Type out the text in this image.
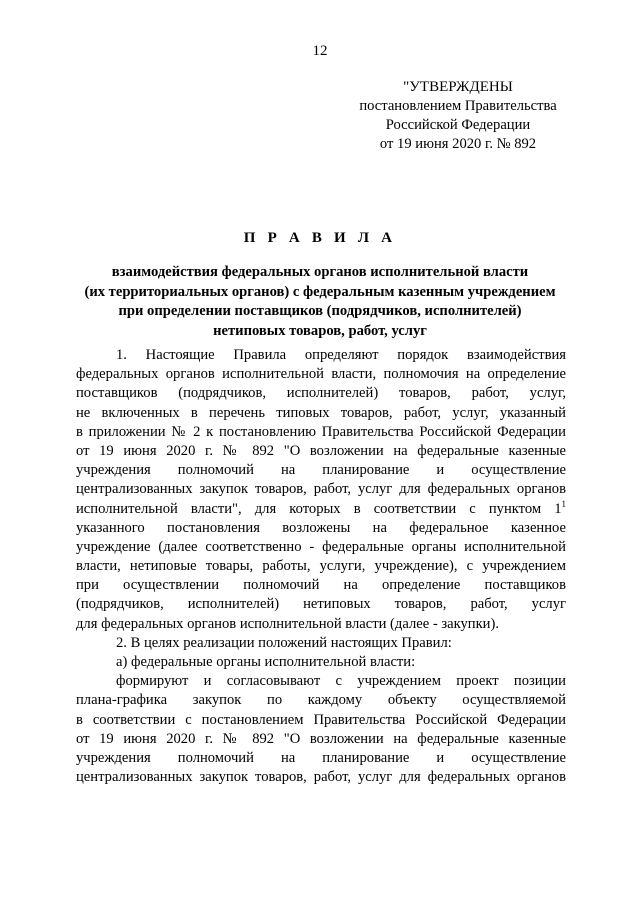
12
"УТВЕРЖДЕНЫ
постановлением Правительства
Российской Федерации
от 19 июня 2020 г. № 892
П Р А В И Л А
взаимодействия федеральных органов исполнительной власти
(их территориальных органов) с федеральным казенным учреждением
при определении поставщиков (подрядчиков, исполнителей)
нетиповых товаров, работ, услуг
1. Настоящие Правила определяют порядок взаимодействия
федеральных органов исполнительной власти, полномочия на определение
поставщиков (подрядчиков, исполнителей) товаров, работ, услуг,
не включенных в перечень типовых товаров, работ, услуг, указанный
в приложении № 2 к постановлению Правительства Российской Федерации
от 19 июня 2020 г. № 892 "О возложении на федеральные казенные
учреждения полномочий на планирование и осуществление
централизованных закупок товаров, работ, услуг для федеральных органов
исполнительной власти", для которых в соответствии с пунктом 1$^1$
указанного постановления возложены на федеральное казенное
учреждение (далее соответственно - федеральные органы исполнительной
власти, нетиповые товары, работы, услуги, учреждение), с учреждением
при осуществлении полномочий на определение поставщиков
(подрядчиков, исполнителей) нетиповых товаров, работ, услуг
для федеральных органов исполнительной власти (далее - закупки).
2. В целях реализации положений настоящих Правил:
а) федеральные органы исполнительной власти:
формируют и согласовывают с учреждением проект позиции
плана-графика закупок по каждому объекту осуществляемой
в соответствии с постановлением Правительства Российской Федерации
от 19 июня 2020 г. № 892 "О возложении на федеральные казенные
учреждения полномочий на планирование и осуществление
централизованных закупок товаров, работ, услуг для федеральных органов
